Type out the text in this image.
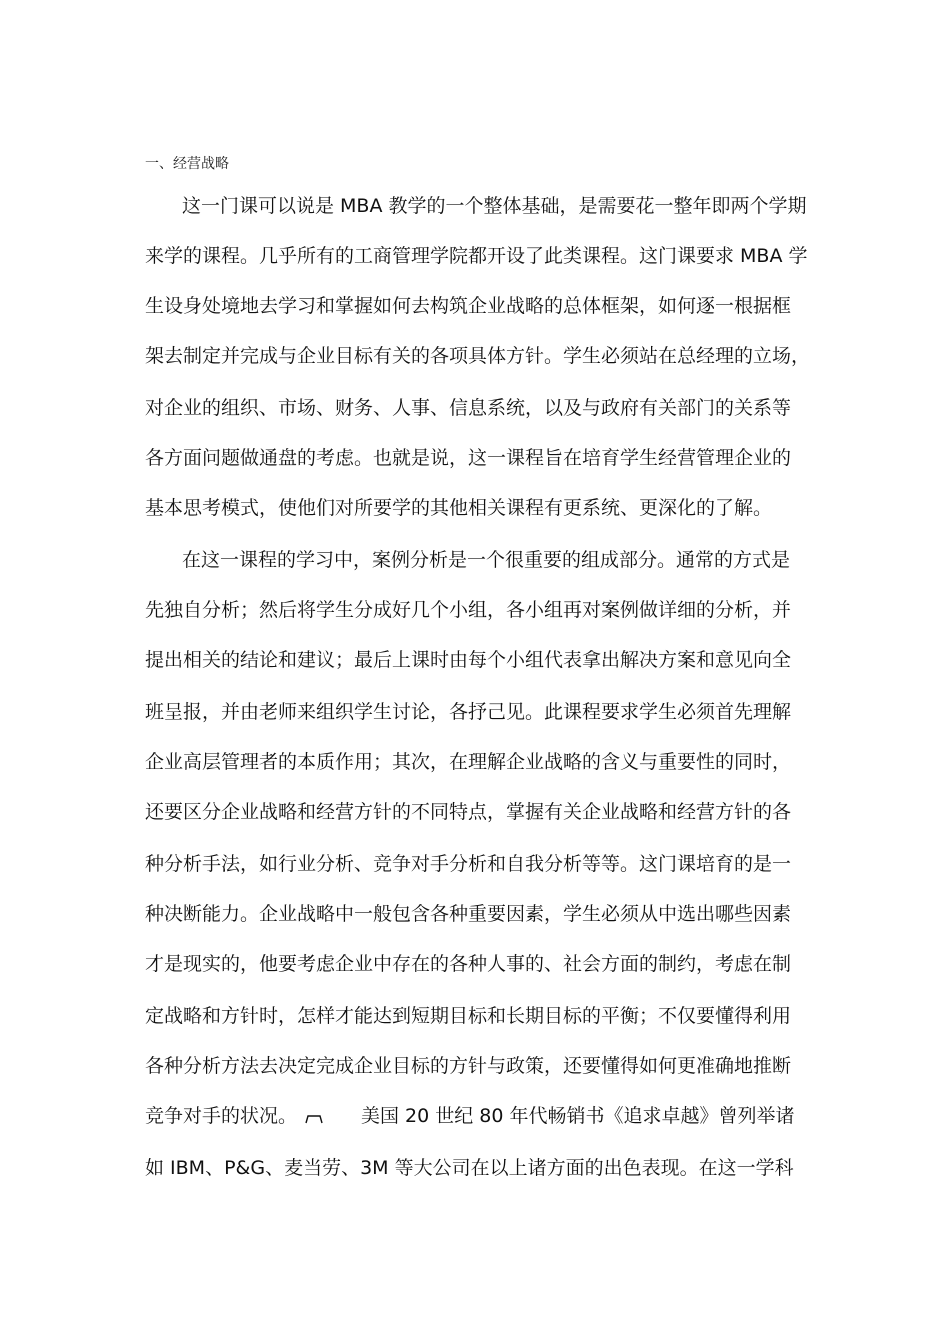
一、经营战略
这一门课可以说是 MBA 教学的一个整体基础，是需要花一整年即两个学期
来学的课程。几乎所有的工商管理学院都开设了此类课程。这门课要求 MBA 学
生设身处境地去学习和掌握如何去构筑企业战略的总体框架，如何逐一根据框
架去制定并完成与企业目标有关的各项具体方针。学生必须站在总经理的立场，
对企业的组织、市场、财务、人事、信息系统，以及与政府有关部门的关系等
各方面问题做通盘的考虑。也就是说，这一课程旨在培育学生经营管理企业的
基本思考模式，使他们对所要学的其他相关课程有更系统、更深化的了解。
在这一课程的学习中，案例分析是一个很重要的组成部分。通常的方式是
先独自分析；然后将学生分成好几个小组，各小组再对案例做详细的分析，并
提出相关的结论和建议；最后上课时由每个小组代表拿出解决方案和意见向全
班呈报，并由老师来组织学生讨论，各抒己见。此课程要求学生必须首先理解
企业高层管理者的本质作用；其次，在理解企业战略的含义与重要性的同时，
还要区分企业战略和经营方针的不同特点，掌握有关企业战略和经营方针的各
种分析手法，如行业分析、竞争对手分析和自我分析等等。这门课培育的是一
种决断能力。企业战略中一般包含各种重要因素，学生必须从中选出哪些因素
才是现实的，他要考虑企业中存在的各种人事的、社会方面的制约，考虑在制
定战略和方针时，怎样才能达到短期目标和长期目标的平衡；不仅要懂得利用
各种分析方法去决定完成企业目标的方针与政策，还要懂得如何更准确地推断
竞争对手的状况。	美国 20 世纪 80 年代畅销书《追求卓越》曾列举诸
如 IBM、P&G、麦当劳、3M 等大公司在以上诸方面的出色表现。在这一学科
